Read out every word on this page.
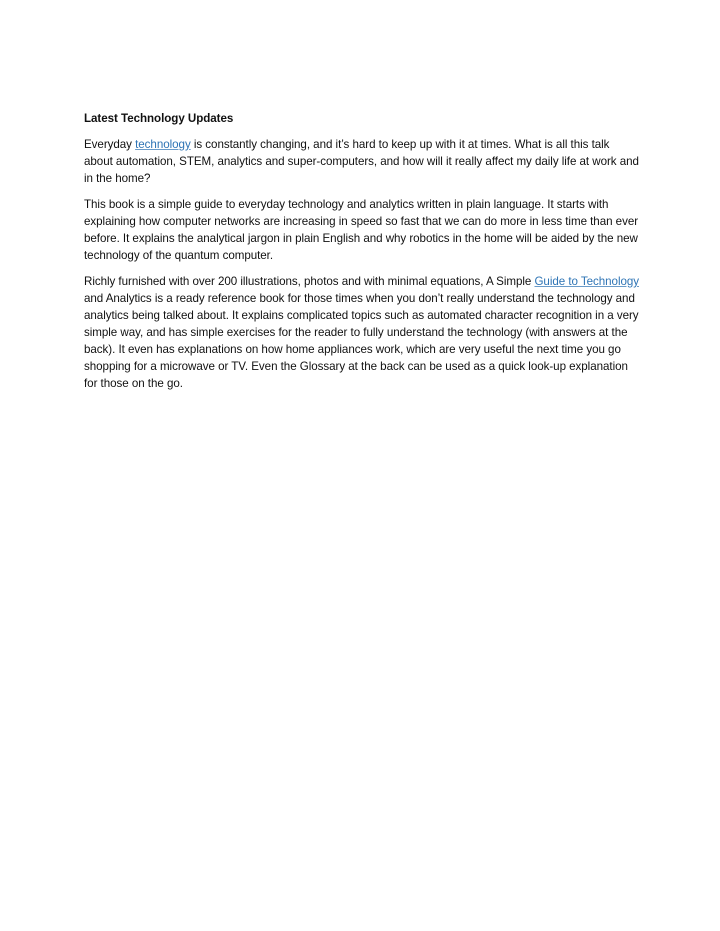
Latest Technology Updates

Everyday technology is constantly changing, and it’s hard to keep up with it at times. What is all this talk about automation, STEM, analytics and super-computers, and how will it really affect my daily life at work and in the home?

This book is a simple guide to everyday technology and analytics written in plain language. It starts with explaining how computer networks are increasing in speed so fast that we can do more in less time than ever before. It explains the analytical jargon in plain English and why robotics in the home will be aided by the new technology of the quantum computer.

Richly furnished with over 200 illustrations, photos and with minimal equations, A Simple Guide to Technology and Analytics is a ready reference book for those times when you don’t really understand the technology and analytics being talked about. It explains complicated topics such as automated character recognition in a very simple way, and has simple exercises for the reader to fully understand the technology (with answers at the back). It even has explanations on how home appliances work, which are very useful the next time you go shopping for a microwave or TV. Even the Glossary at the back can be used as a quick look-up explanation for those on the go.
